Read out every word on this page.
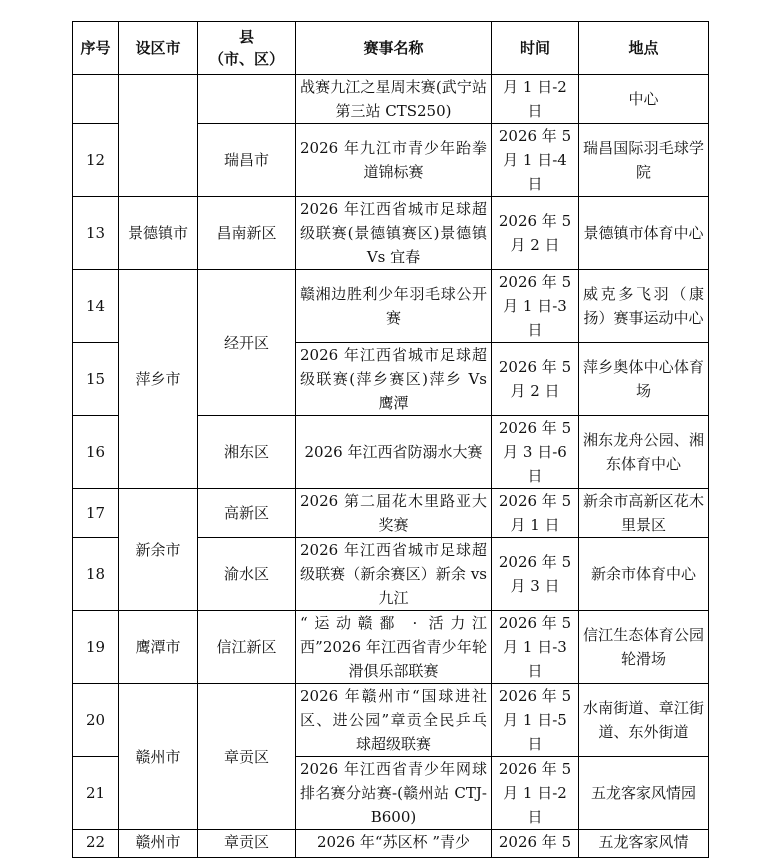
序号	设区市	县
（市、区）	赛事名称	时间	地点
			战赛九江之星周末赛(武宁站 第三站 CTS250)	月 1 日-2 日	中心
12		瑞昌市	2026 年九江市青少年跆拳道锦标赛	2026 年 5 月 1 日-4 日	瑞昌国际羽毛球学院
13	景德镇市	昌南新区	2026 年江西省城市足球超级联赛(景德镇赛区)景德镇 Vs 宜春	2026 年 5 月 2 日	景德镇市体育中心
14	萍乡市	经开区	赣湘边胜利少年羽毛球公开赛	2026 年 5 月 1 日-3 日	威克多飞羽（康扬）赛事运动中心
15			2026 年江西省城市足球超级联赛(萍乡赛区)萍乡 Vs 鹰潭	2026 年 5 月 2 日	萍乡奥体中心体育场
16		湘东区	2026 年江西省防溺水大赛	2026 年 5 月 3 日-6 日	湘东龙舟公园、湘东体育中心
17	新余市	高新区	2026 第二届花木里路亚大奖赛	2026 年 5 月 1 日	新余市高新区花木里景区
18		渝水区	2026 年江西省城市足球超级联赛（新余赛区）新余 vs 九江	2026 年 5 月 3 日	新余市体育中心
19	鹰潭市	信江新区	“运动赣鄱 · 活力江西”2026 年江西省青少年轮滑俱乐部联赛	2026 年 5 月 1 日-3 日	信江生态体育公园轮滑场
20	赣州市	章贡区	2026 年赣州市“国球进社区、进公园”章贡全民乒乓球超级联赛	2026 年 5 月 1 日-5 日	水南街道、章江街道、东外街道
21			2026 年江西省青少年网球排名赛分站赛-(赣州站 CTJ-B600)	2026 年 5 月 1 日-2 日	五龙客家风情园
22	赣州市	章贡区	2026 年“苏区杯 ”青少	2026 年 5	五龙客家风情
